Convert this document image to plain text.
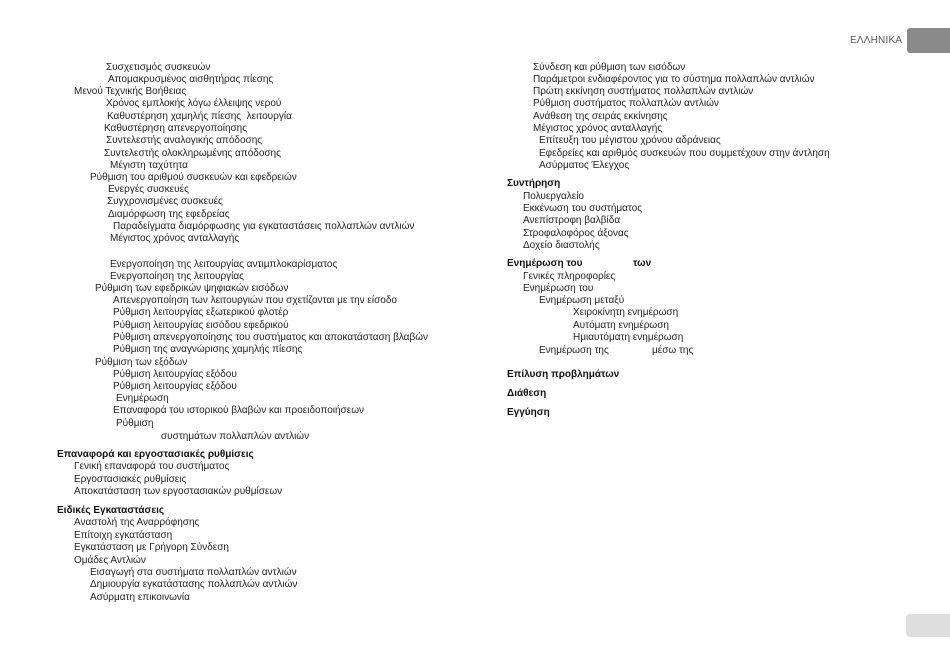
ΕΛΛΗΝΙΚΑ
Συσχετισμός συσκευών
Απομακρυσμένος αισθητήρας πίεσης
Μενού Τεχνικής Βοήθειας
Χρόνος εμπλοκής λόγω έλλειψης νερού
Καθυστέρηση χαμηλής πίεσης  λειτουργία
Καθυστέρηση απενεργοποίησης
Συντελεστής αναλογικής απόδοσης
Συντελεστής ολοκληρωμένης απόδοσης
Μέγιστη ταχύτητα
Ρύθμιση του αριθμού συσκευών και εφεδρειών
Ενεργές συσκευές
Συγχρονισμένες συσκευές
Διαμόρφωση της εφεδρείας
Παραδείγματα διαμόρφωσης για εγκαταστάσεις πολλαπλών αντλιών
Μέγιστος χρόνος ανταλλαγής
Ενεργοποίηση της λειτουργίας αντιμπλοκαρίσματος
Ενεργοποίηση της λειτουργίας
Ρύθμιση των εφεδρικών ψηφιακών εισόδων
Απενεργοποίηση των λειτουργιών που σχετίζονται με την είσοδο
Ρύθμιση λειτουργίας εξωτερικού φλοτέρ
Ρύθμιση λειτουργίας εισόδου εφεδρικού
Ρύθμιση απενεργοποίησης του συστήματος και αποκατάσταση βλαβών
Ρύθμιση της αναγνώρισης χαμηλής πίεσης
Ρύθμιση των εξόδων
Ρύθμιση λειτουργίας εξόδου
Ρύθμιση λειτουργίας εξόδου
Ενημέρωση
Επαναφορά του ιστορικού βλαβών και προειδοποιήσεων
Ρύθμιση
συστημάτων πολλαπλών αντλιών
Επαναφορά και εργοστασιακές ρυθμίσεις
Γενική επαναφορά του συστήματος
Εργοστασιακές ρυθμίσεις
Αποκατάσταση των εργοστασιακών ρυθμίσεων
Ειδικές Εγκαταστάσεις
Αναστολή της Αναρρόφησης
Επίτοιχη εγκατάσταση
Εγκατάσταση με Γρήγορη Σύνδεση
Ομάδες Αντλιών
Εισαγωγή στα συστήματα πολλαπλών αντλιών
Δημιουργία εγκατάστασης πολλαπλών αντλιών
Ασύρματη επικοινωνία
Σύνδεση και ρύθμιση των εισόδων
Παράμετροι ενδιαφέροντος για το σύστημα πολλαπλών αντλιών
Πρώτη εκκίνηση συστήματος πολλαπλών αντλιών
Ρύθμιση συστήματος πολλαπλών αντλιών
Ανάθεση της σειράς εκκίνησης
Μέγιστος χρόνος ανταλλαγής
Επίτευξη του μέγιστου χρόνου αδράνειας
Εφεδρείες και αριθμός συσκευών που συμμετέχουν στην άντληση
Ασύρματος Έλεγχος
Συντήρηση
Πολυεργαλείο
Εκκένωση του συστήματος
Ανεπίστροφη βαλβίδα
Στροφαλοφόρος άξονας
Δοχείο διαστολής
Ενημέρωση του	των
Γενικές πληροφορίες
Ενημέρωση του
Ενημέρωση μεταξύ
Χειροκίνητη ενημέρωση
Αυτόματη ενημέρωση
Ημιαυτόματη ενημέρωση
Ενημέρωση της	μέσω της
Επίλυση προβλημάτων
Διάθεση
Εγγύηση
